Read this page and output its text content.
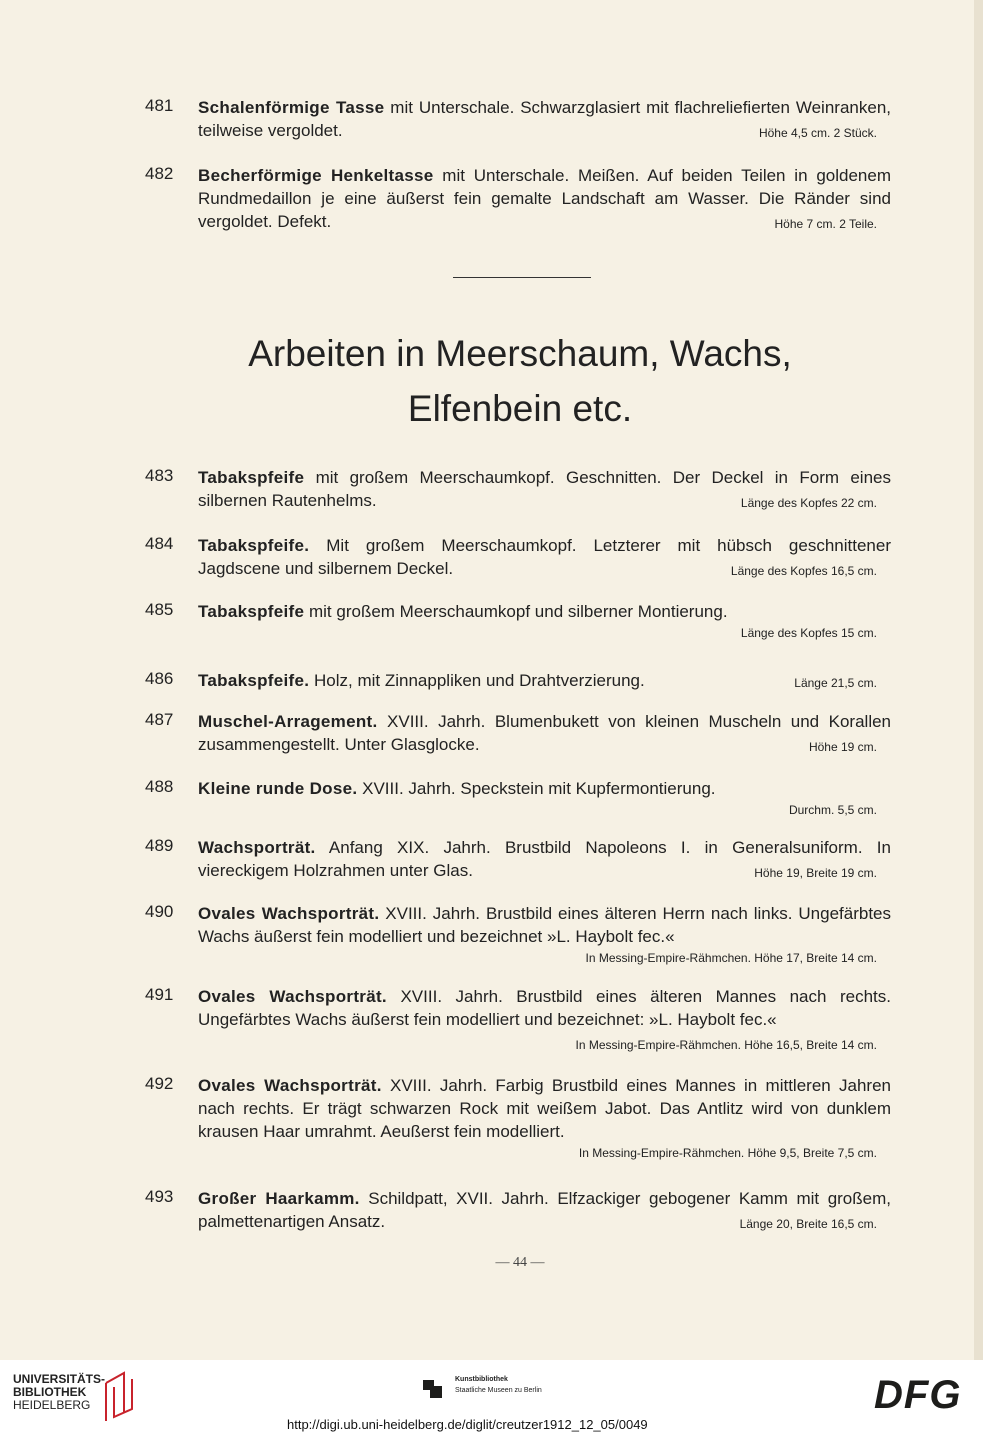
481	Schalenförmige Tasse mit Unterschale. Schwarzglasiert mit flachreliefierten Weinranken, teilweise vergoldet.	Höhe 4,5 cm. 2 Stück.
482	Becherförmige Henkeltasse mit Unterschale. Meißen. Auf beiden Teilen in goldenem Rundmedaillon je eine äußerst fein gemalte Landschaft am Wasser. Die Ränder sind vergoldet. Defekt.	Höhe 7 cm. 2 Teile.
Arbeiten in Meerschaum, Wachs,
Elfenbein etc.
483	Tabakspfeife mit großem Meerschaumkopf. Geschnitten. Der Deckel in Form eines silbernen Rautenhelms.	Länge des Kopfes 22 cm.
484	Tabakspfeife. Mit großem Meerschaumkopf. Letzterer mit hübsch geschnittener Jagdscene und silbernem Deckel.	Länge des Kopfes 16,5 cm.
485	Tabakspfeife mit großem Meerschaumkopf und silberner Montierung.
Länge des Kopfes 15 cm.
486	Tabakspfeife. Holz, mit Zinnappliken und Drahtverzierung.	Länge 21,5 cm.
487	Muschel-Arragement. XVIII. Jahrh. Blumenbukett von kleinen Muscheln und Korallen zusammengestellt. Unter Glasglocke.	Höhe 19 cm.
488	Kleine runde Dose. XVIII. Jahrh. Speckstein mit Kupfermontierung.
Durchm. 5,5 cm.
489	Wachsporträt. Anfang XIX. Jahrh. Brustbild Napoleons I. in Generalsuniform. In viereckigem Holzrahmen unter Glas.	Höhe 19, Breite 19 cm.
490	Ovales Wachsporträt. XVIII. Jahrh. Brustbild eines älteren Herrn nach links. Ungefärbtes Wachs äußerst fein modelliert und bezeichnet »L. Haybolt fec.«
In Messing-Empire-Rähmchen. Höhe 17, Breite 14 cm.
491	Ovales Wachsporträt. XVIII. Jahrh. Brustbild eines älteren Mannes nach rechts. Ungefärbtes Wachs äußerst fein modelliert und bezeichnet: »L. Haybolt fec.«
In Messing-Empire-Rähmchen. Höhe 16,5, Breite 14 cm.
492	Ovales Wachsporträt. XVIII. Jahrh. Farbig Brustbild eines Mannes in mittleren Jahren nach rechts. Er trägt schwarzen Rock mit weißem Jabot. Das Antlitz wird von dunklem krausen Haar umrahmt. Aeußerst fein modelliert.
In Messing-Empire-Rähmchen. Höhe 9,5, Breite 7,5 cm.
493	Großer Haarkamm. Schildpatt, XVII. Jahrh. Elfzackiger gebogener Kamm mit großem, palmettenartigen Ansatz.	Länge 20, Breite 16,5 cm.
— 44 —
UNIVERSITÄTS-
BIBLIOTHEK
HEIDELBERG
Kunstbibliothek
Staatliche Museen zu Berlin
http://digi.ub.uni-heidelberg.de/diglit/creutzer1912_12_05/0049
DFG
